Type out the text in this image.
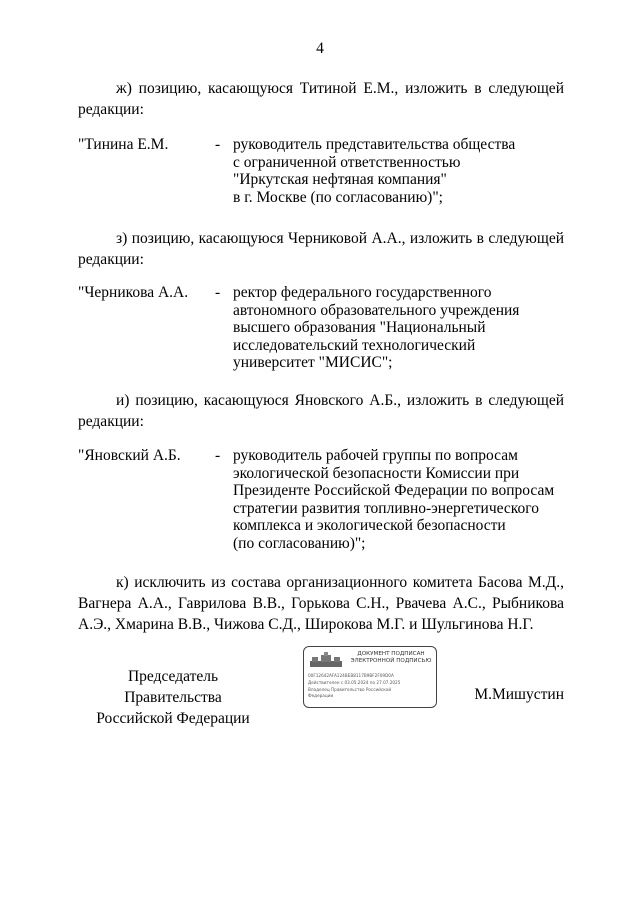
4
ж) позицию, касающуюся Титиной Е.М., изложить в следующей редакции:
"Тинина Е.М.	- руководитель представительства общества
с ограниченной ответственностью
"Иркутская нефтяная компания"
в г. Москве (по согласованию)";
з) позицию, касающуюся Черниковой А.А., изложить в следующей редакции:
"Черникова А.А. - ректор федерального государственного
автономного образовательного учреждения
высшего образования "Национальный
исследовательский технологический
университет "МИСИС";
и) позицию, касающуюся Яновского А.Б., изложить в следующей редакции:
"Яновский А.Б. - руководитель рабочей группы по вопросам
экологической безопасности Комиссии при
Президенте Российской Федерации по вопросам
стратегии развития топливно-энергетического
комплекса и экологической безопасности
(по согласованию)";
к) исключить из состава организационного комитета Басова М.Д., Вагнера А.А., Гаврилова В.В., Горькова С.Н., Рвачева А.С., Рыбникова А.Э., Хмарина В.В., Чижова С.Д., Широкова М.Г. и Шульгинова Н.Г.
Председатель Правительства
Российской Федерации
ДОКУМЕНТ ПОДПИСАН
ЭЛЕКТРОННОЙ ПОДПИСЬЮ
00F12642AFA124BEB8117B9BF2F09D0A
Действителен с 03.05.2024 по 27.07.2025
Владелец Правительство Российской
Федерации	М.Мишустин
